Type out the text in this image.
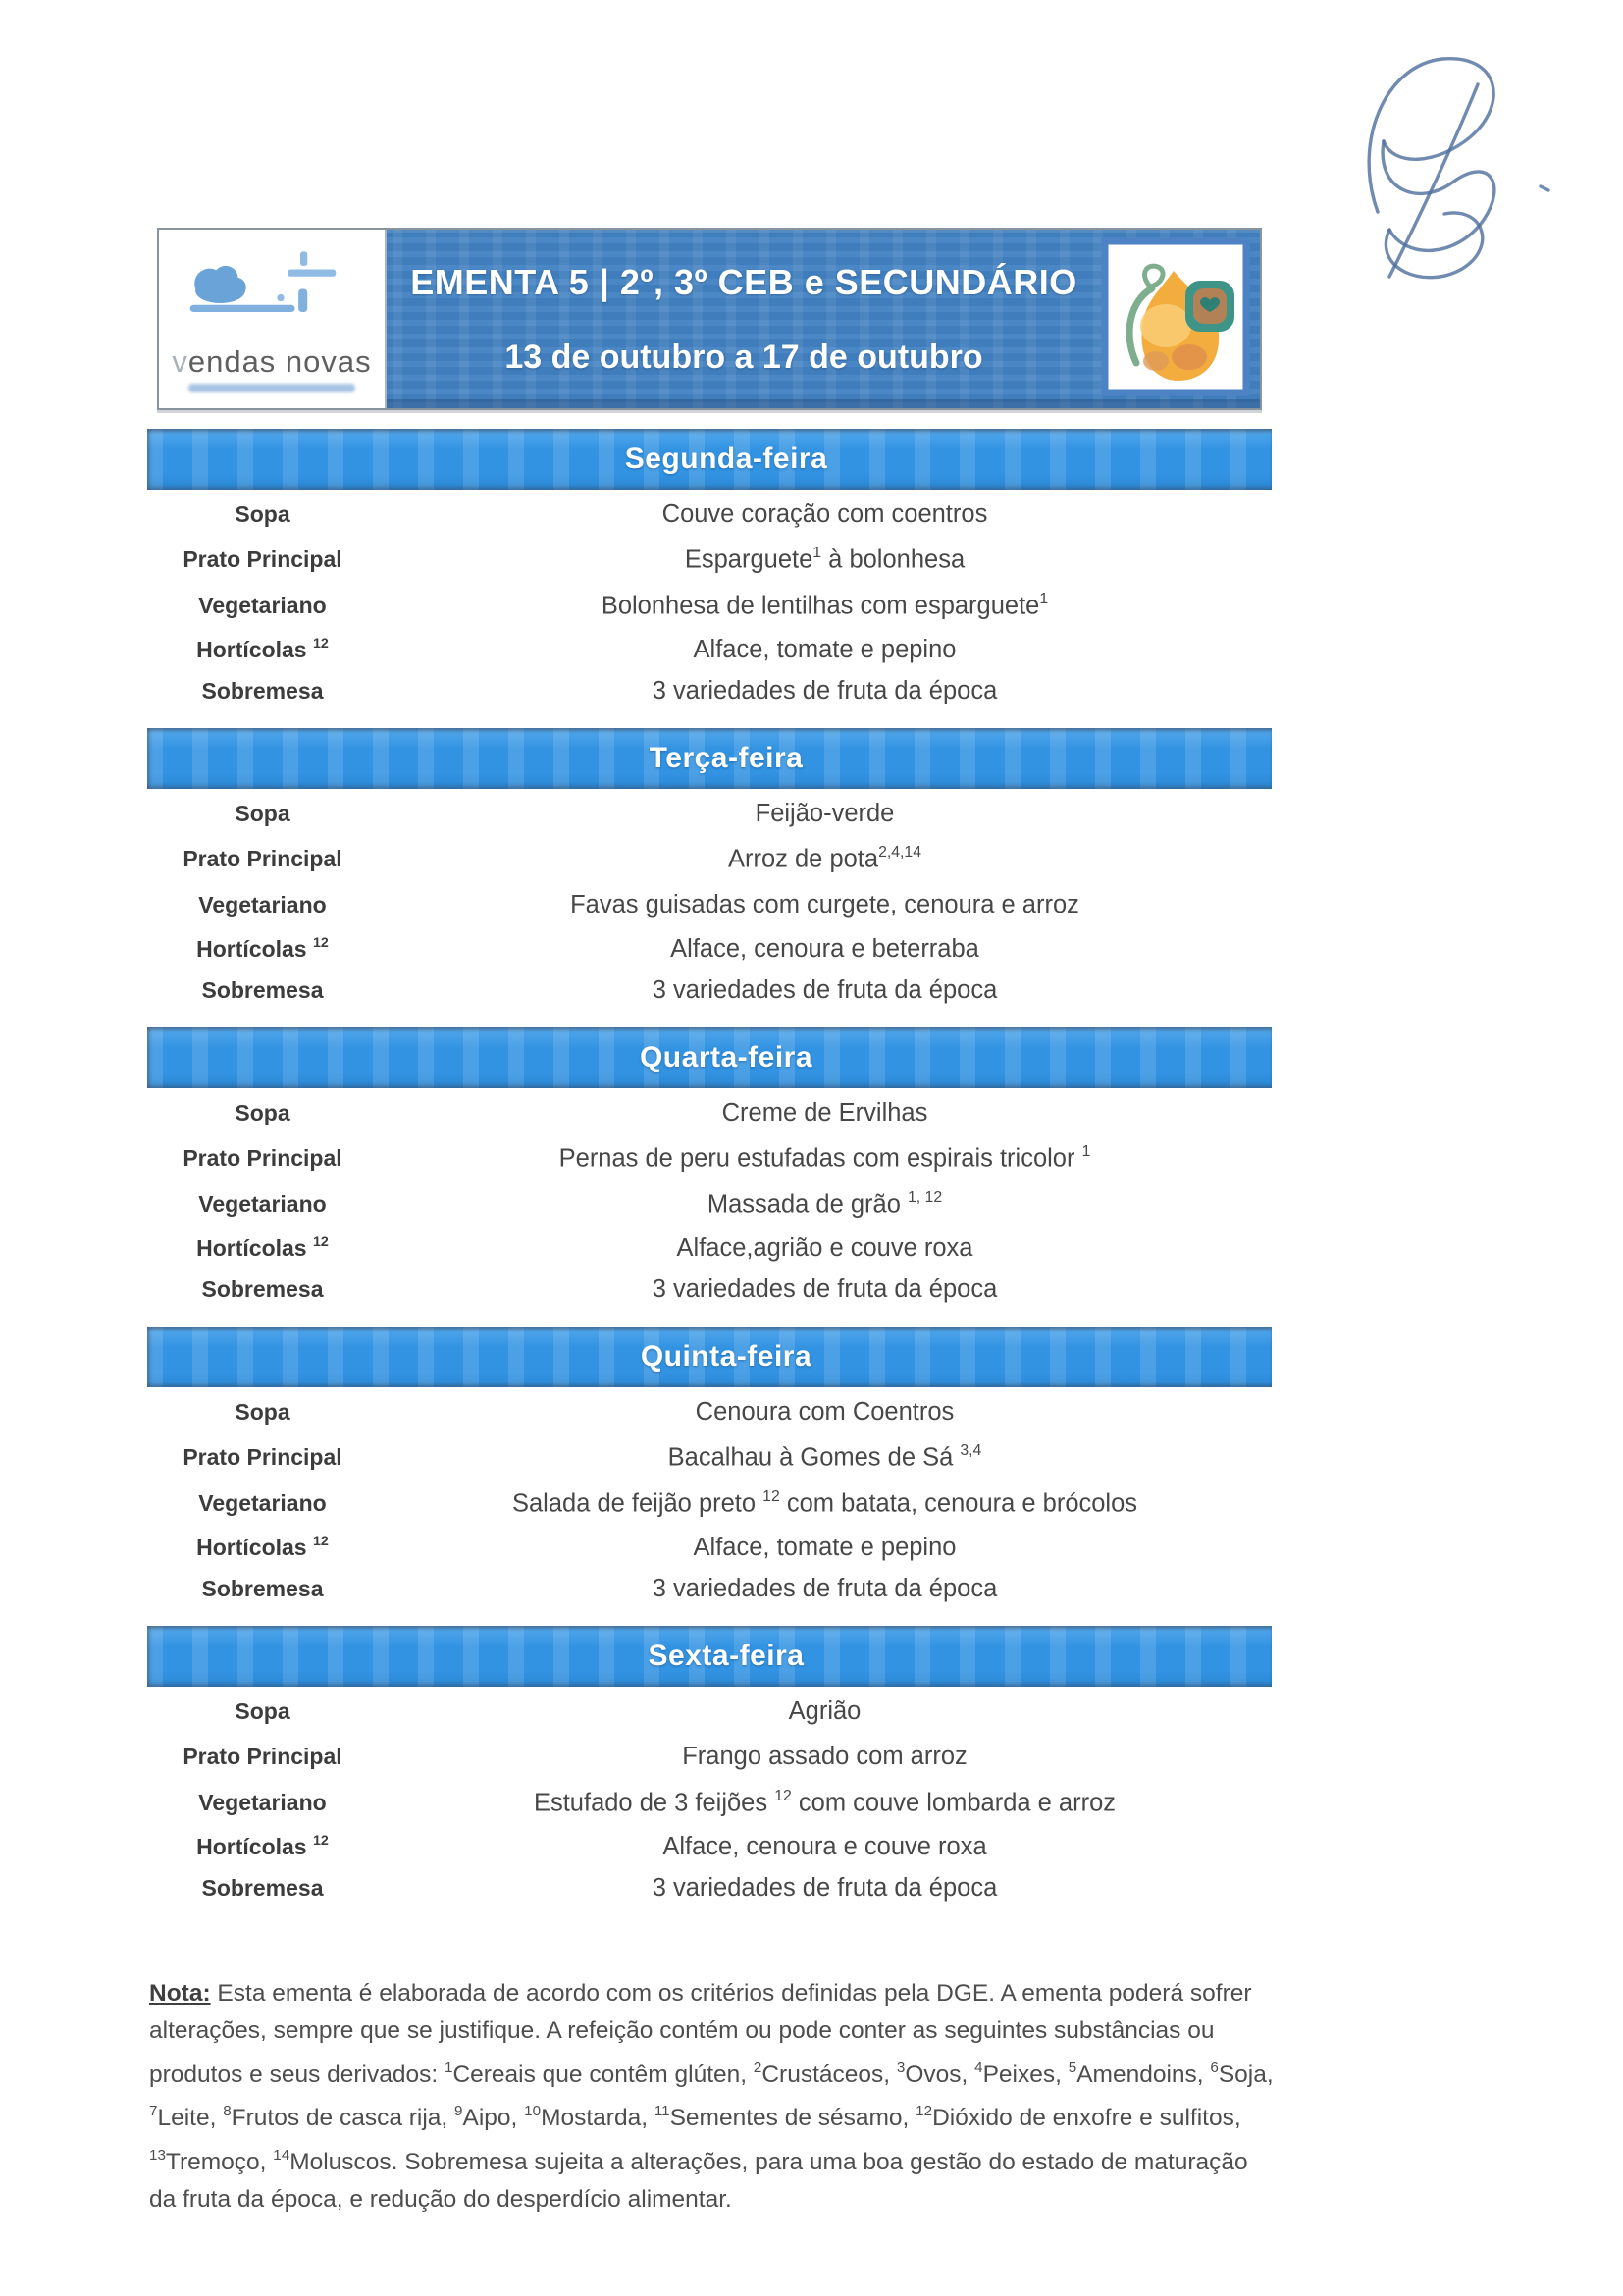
vendas novas
EMENTA 5 | 2º, 3º CEB e SECUNDÁRIO
13 de outubro a 17 de outubro
Segunda-feira
Sopa	Couve coração com coentros
Prato Principal	Esparguete$^1$ à bolonhesa
Vegetariano	Bolonhesa de lentilhas com esparguete$^1$
Hortícolas $^{12}$	Alface, tomate e pepino
Sobremesa	3 variedades de fruta da época
Terça-feira
Sopa	Feijão-verde
Prato Principal	Arroz de pota$^{2,4,14}$
Vegetariano	Favas guisadas com curgete, cenoura e arroz
Hortícolas $^{12}$	Alface, cenoura e beterraba
Sobremesa	3 variedades de fruta da época
Quarta-feira
Sopa	Creme de Ervilhas
Prato Principal	Pernas de peru estufadas com espirais tricolor $^1$
Vegetariano	Massada de grão $^{1, 12}$
Hortícolas $^{12}$	Alface,agrião e couve roxa
Sobremesa	3 variedades de fruta da época
Quinta-feira
Sopa	Cenoura com Coentros
Prato Principal	Bacalhau à Gomes de Sá $^{3,4}$
Vegetariano	Salada de feijão preto $^{12}$ com batata, cenoura e brócolos
Hortícolas $^{12}$	Alface, tomate e pepino
Sobremesa	3 variedades de fruta da época
Sexta-feira
Sopa	Agrião
Prato Principal	Frango assado com arroz
Vegetariano	Estufado de 3 feijões $^{12}$ com couve lombarda e arroz
Hortícolas $^{12}$	Alface, cenoura e couve roxa
Sobremesa	3 variedades de fruta da época

Nota: Esta ementa é elaborada de acordo com os critérios definidas pela DGE. A ementa poderá sofrer alterações, sempre que se justifique. A refeição contém ou pode conter as seguintes substâncias ou produtos e seus derivados: $^1$Cereais que contêm glúten, $^2$Crustáceos, $^3$Ovos, $^4$Peixes, $^5$Amendoins, $^6$Soja, $^7$Leite, $^8$Frutos de casca rija, $^9$Aipo, $^{10}$Mostarda, $^{11}$Sementes de sésamo, $^{12}$Dióxido de enxofre e sulfitos, $^{13}$Tremoço, $^{14}$Moluscos. Sobremesa sujeita a alterações, para uma boa gestão do estado de maturação da fruta da época, e redução do desperdício alimentar.
